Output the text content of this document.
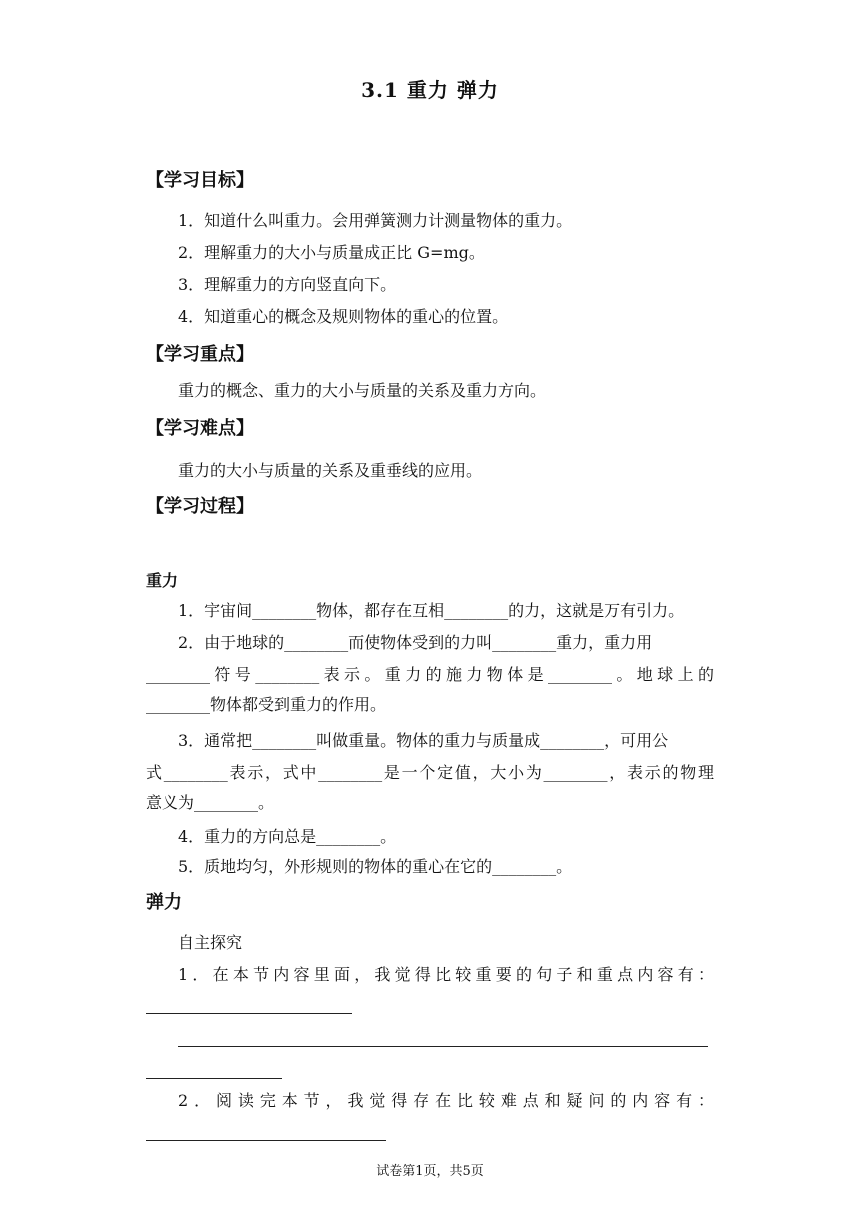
3.1 重力 弹力
【学习目标】
1．知道什么叫重力。会用弹簧测力计测量物体的重力。
2．理解重力的大小与质量成正比 G=mg。
3．理解重力的方向竖直向下。
4．知道重心的概念及规则物体的重心的位置。
【学习重点】
重力的概念、重力的大小与质量的关系及重力方向。
【学习难点】
重力的大小与质量的关系及重垂线的应用。
【学习过程】
重力
1．宇宙间________物体，都存在互相________的力，这就是万有引力。
2．由于地球的________而使物体受到的力叫________重力，重力用
________符号________表示。重力的施力物体是________。地球上的
________物体都受到重力的作用。
3．通常把________叫做重量。物体的重力与质量成________，可用公
式________表示，式中________是一个定值，大小为________，表示的物理
意义为________。
4．重力的方向总是________。
5．质地均匀，外形规则的物体的重心在它的________。
弹力
自主探究
1．在本节内容里面，我觉得比较重要的句子和重点内容有：
2．阅读完本节，我觉得存在比较难点和疑问的内容有：
试卷第1页，共5页
